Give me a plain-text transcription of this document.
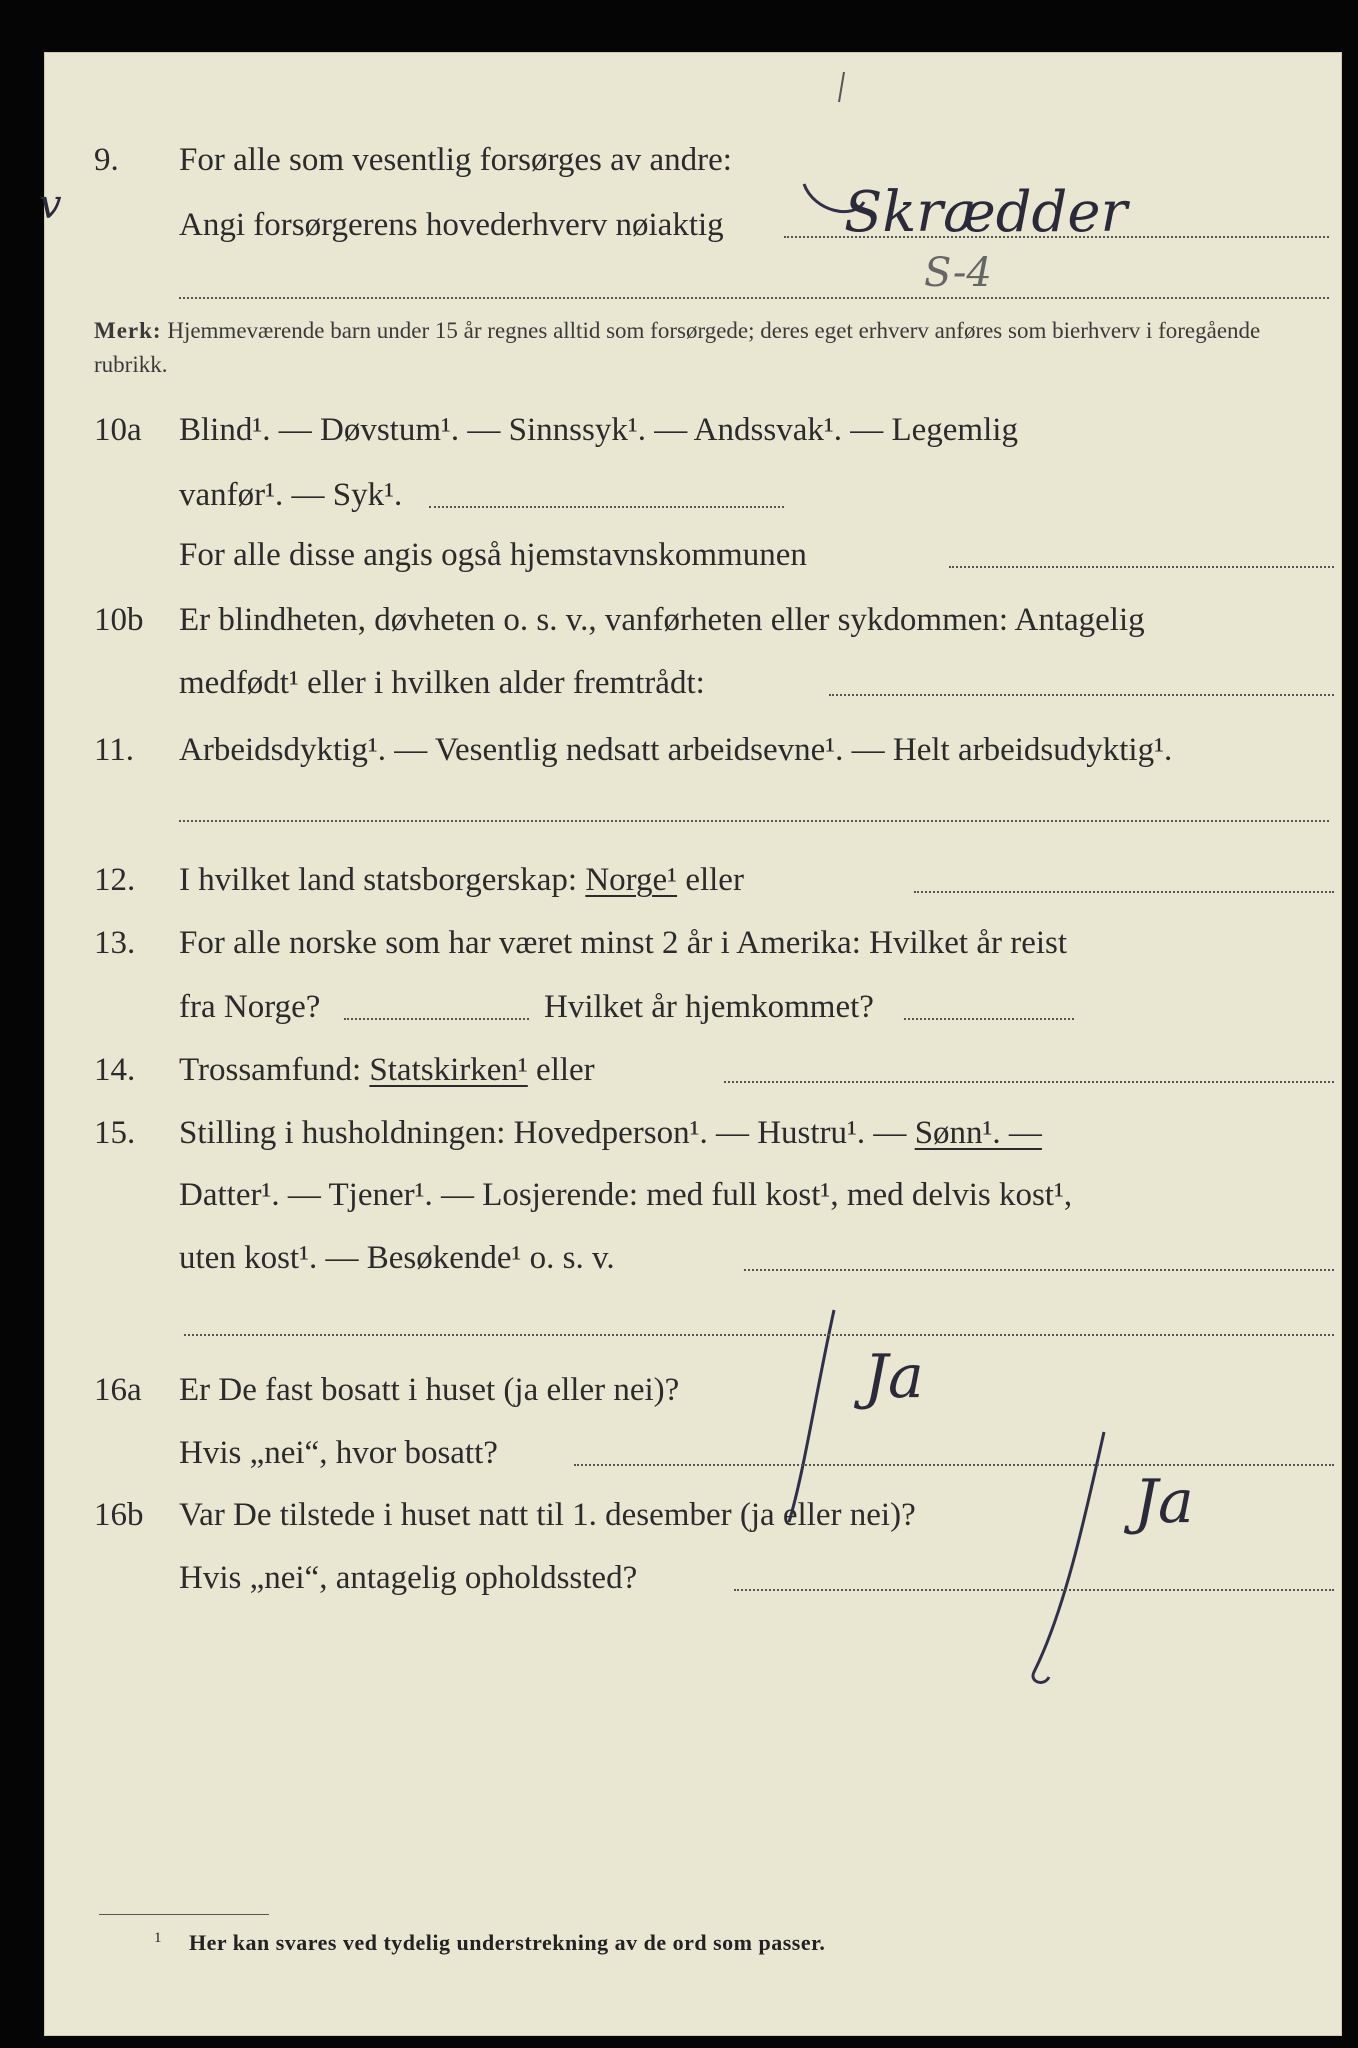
v
9.	For alle som vesentlig forsørges av andre:
Angi forsørgerens hovederhverv nøiaktig Skrædder
S-4
Merk: Hjemmeværende barn under 15 år regnes alltid som forsørgede; deres eget erhverv anføres som bierhverv i foregående rubrikk.
10a	Blind¹. — Døvstum¹. — Sinnssyk¹. — Andssvak¹. — Legemlig
vanfør¹. — Syk¹.
For alle disse angis også hjemstavnskommunen
10b	Er blindheten, døvheten o. s. v., vanførheten eller sykdommen: Antagelig
medfødt¹ eller i hvilken alder fremtrådt:
11.	Arbeidsdyktig¹. — Vesentlig nedsatt arbeidsevne¹. — Helt arbeidsudyktig¹.
12.	I hvilket land statsborgerskap: Norge¹ eller
13.	For alle norske som har været minst 2 år i Amerika: Hvilket år reist
fra Norge?	Hvilket år hjemkommet?
14.	Trossamfund: Statskirken¹ eller
15.	Stilling i husholdningen: Hovedperson¹. — Hustru¹. — Sønn¹. —
Datter¹. — Tjener¹. — Losjerende: med full kost¹, med delvis kost¹,
uten kost¹. — Besøkende¹ o. s. v.
16a	Er De fast bosatt i huset (ja eller nei)?	Ja
Hvis „nei“, hvor bosatt?
16b	Var De tilstede i huset natt til 1. desember (ja eller nei)?	Ja
Hvis „nei“, antagelig opholdssted?
$^1$ Her kan svares ved tydelig understrekning av de ord som passer.
